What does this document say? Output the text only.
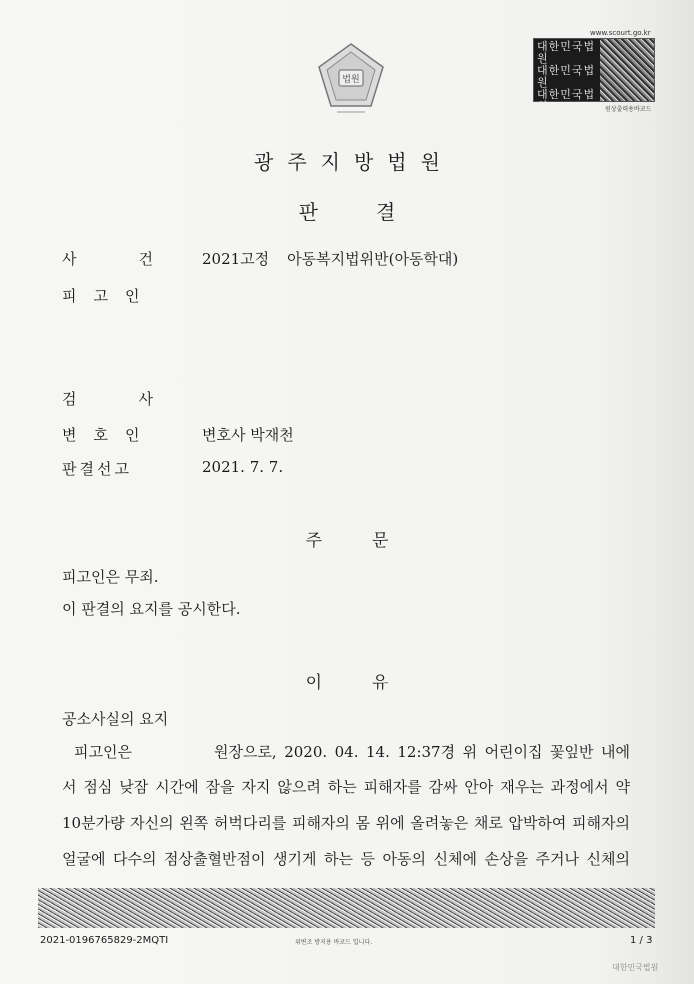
법원
www.scourt.go.kr
대한민국법원
대한민국법원
대한민국법원	원상출력용바코드
광주지방법원
판결
사건	2021고정 아동복지법위반(아동학대)
피고인
검사
변호인	변호사 박재천
판결선고	2021. 7. 7.
주문
피고인은 무죄.
이 판결의 요지를 공시한다.
이유
공소사실의 요지
피고인은	원장으로, 2020. 04. 14. 12:37경 위 어린이집 꽃잎반 내에
서 점심 낮잠 시간에 잠을 자지 않으려 하는 피해자를 감싸 안아 재우는 과정에서 약
10분가량 자신의 왼쪽 허벅다리를 피해자의 몸 위에 올려놓은 채로 압박하여 피해자의
얼굴에 다수의 점상출혈반점이 생기게 하는 등 아동의 신체에 손상을 주거나 신체의
2021-0196765829-2MQTI	위변조 방지용 바코드 입니다.	1 / 3
대한민국법원
